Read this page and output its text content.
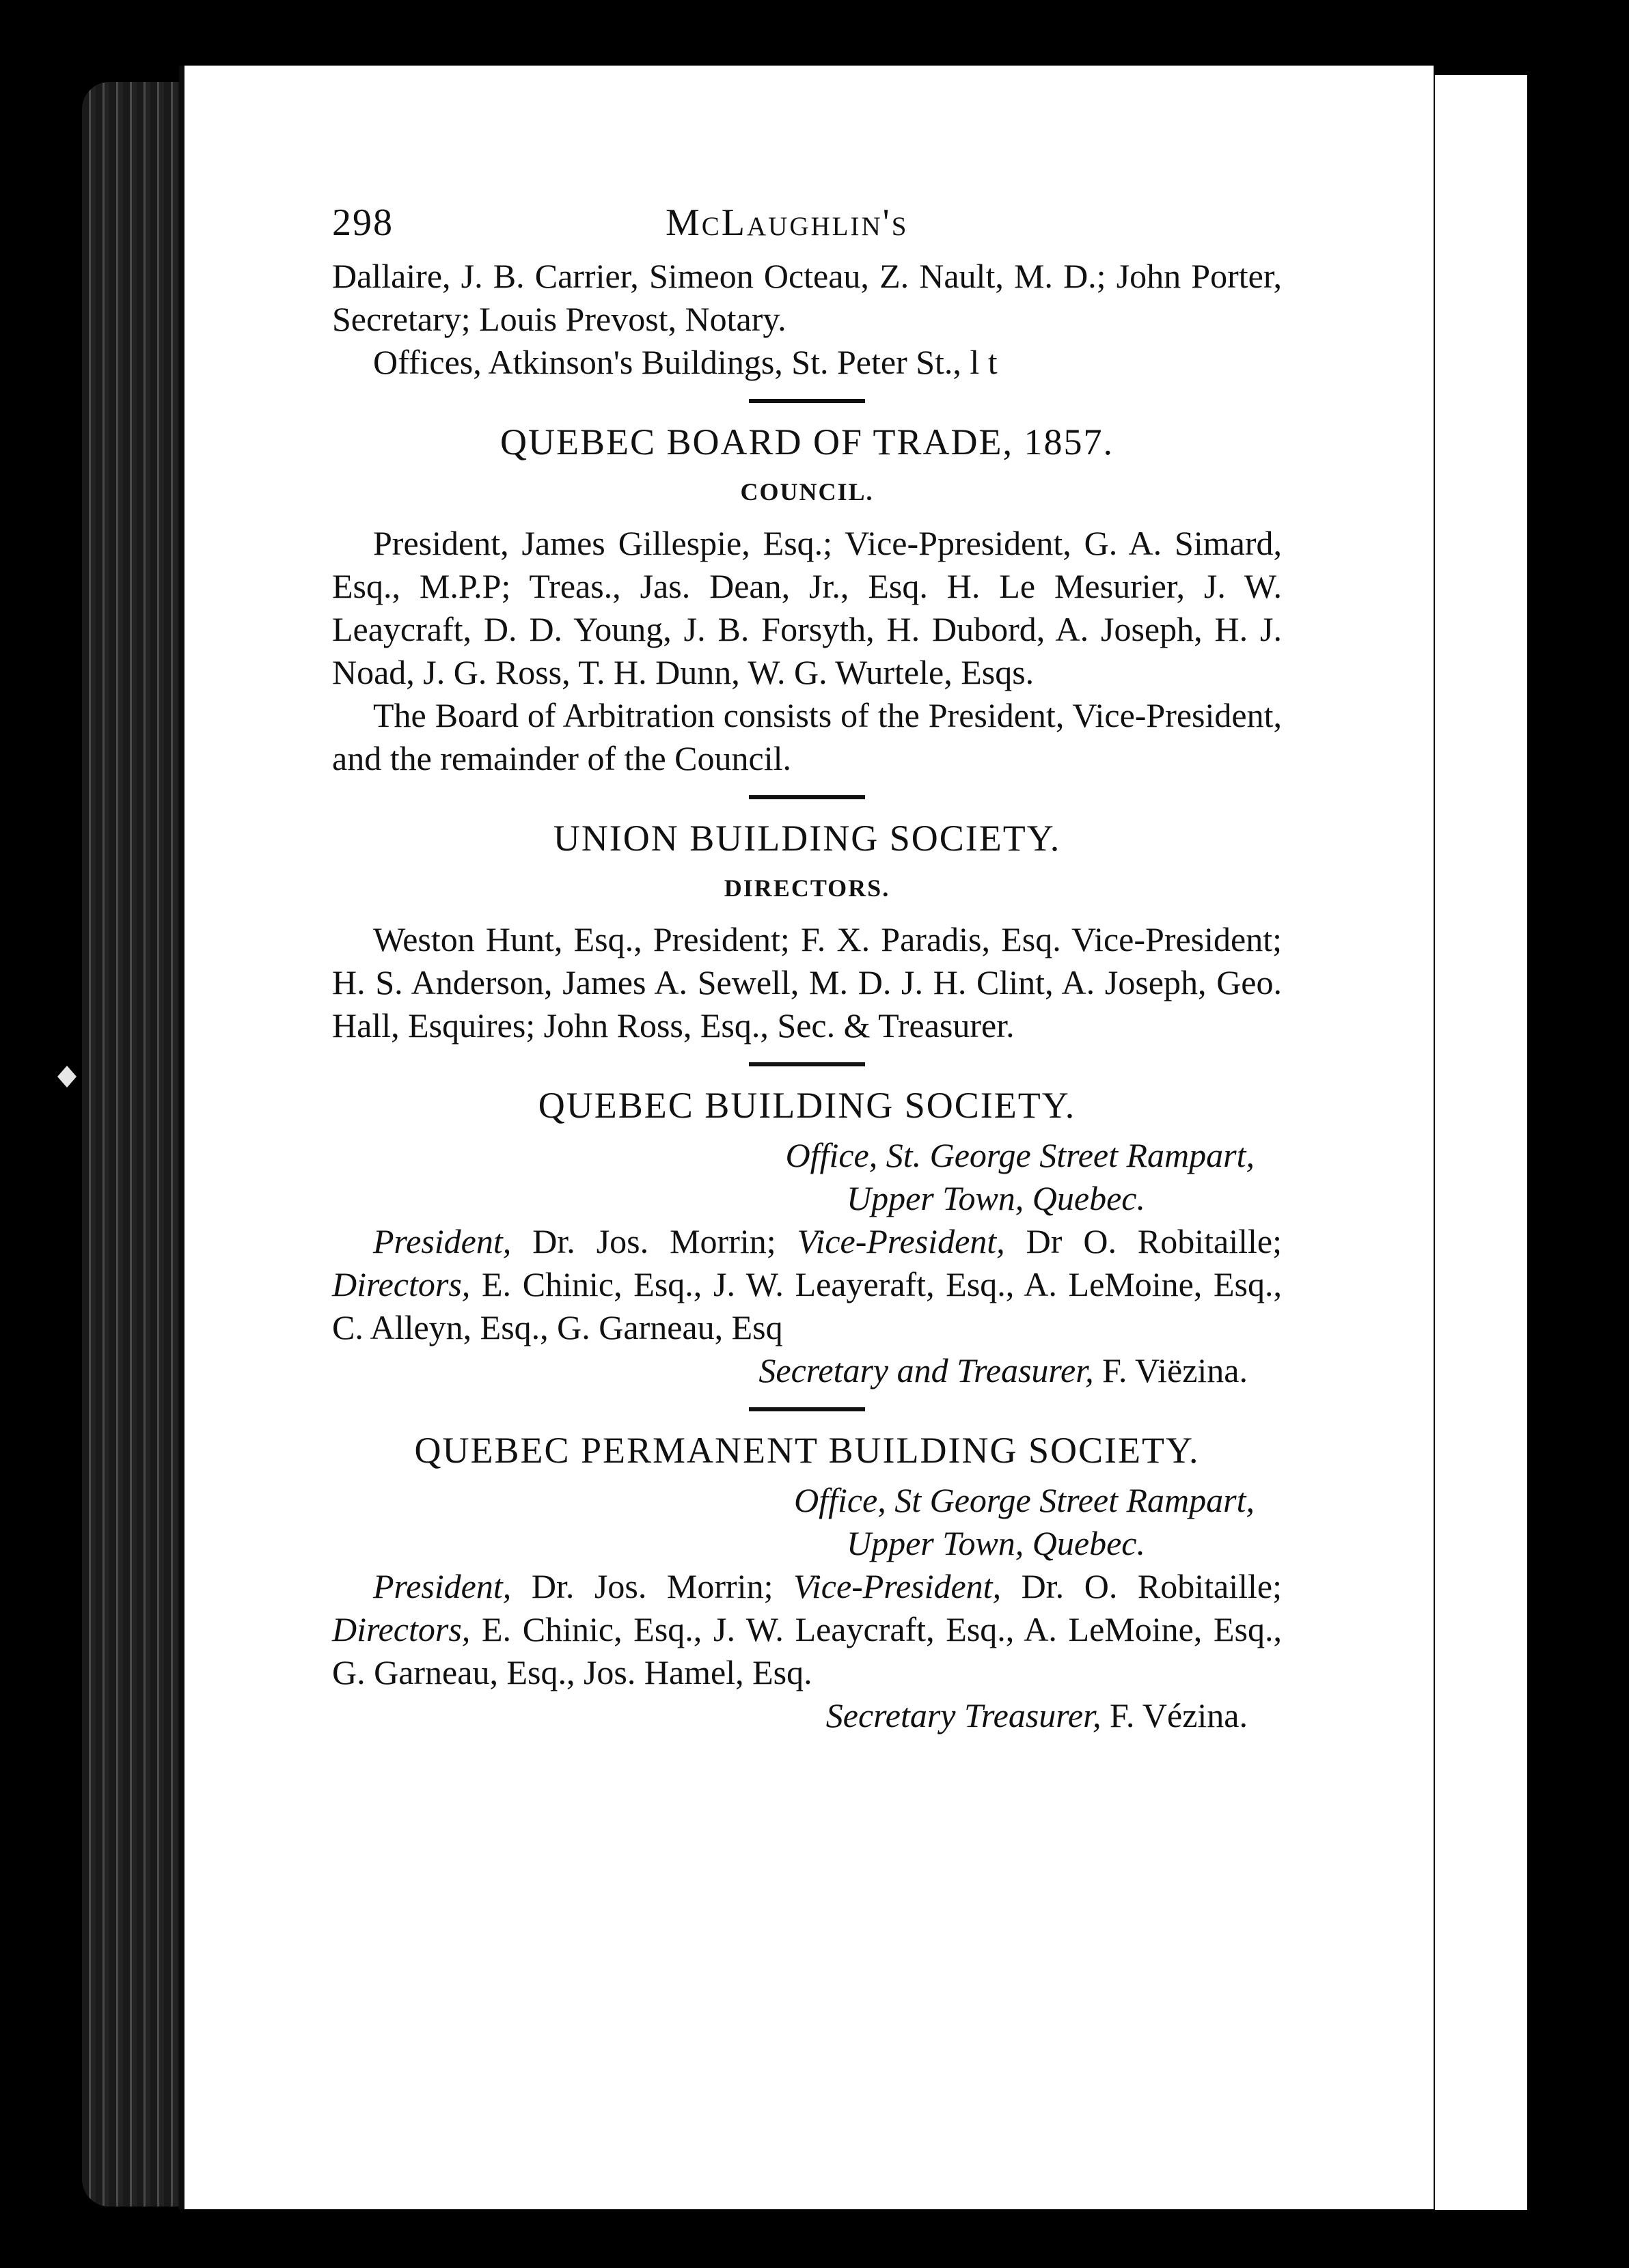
298	McLaughlin's

Dallaire, J. B. Carrier, Simeon Octeau, Z. Nault, M. D.; John Porter, Secretary; Louis Prevost, Notary.

Offices, Atkinson's Buildings, St. Peter St., l t

QUEBEC BOARD OF TRADE, 1857.
COUNCIL.

President, James Gillespie, Esq.; Vice-Ppresident, G. A. Simard, Esq., M.P.P; Treas., Jas. Dean, Jr., Esq. H. Le Mesurier, J. W. Leaycraft, D. D. Young, J. B. Forsyth, H. Dubord, A. Joseph, H. J. Noad, J. G. Ross, T. H. Dunn, W. G. Wurtele, Esqs.

The Board of Arbitration consists of the President, Vice-President, and the remainder of the Council.

UNION BUILDING SOCIETY.
DIRECTORS.

Weston Hunt, Esq., President; F. X. Paradis, Esq. Vice-President; H. S. Anderson, James A. Sewell, M. D. J. H. Clint, A. Joseph, Geo. Hall, Esquires; John Ross, Esq., Sec. & Treasurer.

QUEBEC BUILDING SOCIETY.
Office, St. George Street Rampart,
Upper Town, Quebec.

President, Dr. Jos. Morrin; Vice-President, Dr O. Robitaille; Directors, E. Chinic, Esq., J. W. Leayeraft, Esq., A. LeMoine, Esq., C. Alleyn, Esq., G. Garneau, Esq

Secretary and Treasurer, F. Viëzina.
QUEBEC PERMANENT BUILDING SOCIETY.
Office, St George Street Rampart,
Upper Town, Quebec.

President, Dr. Jos. Morrin; Vice-President, Dr. O. Robitaille; Directors, E. Chinic, Esq., J. W. Leaycraft, Esq., A. LeMoine, Esq., G. Garneau, Esq., Jos. Hamel, Esq.

Secretary Treasurer, F. Vézina.
